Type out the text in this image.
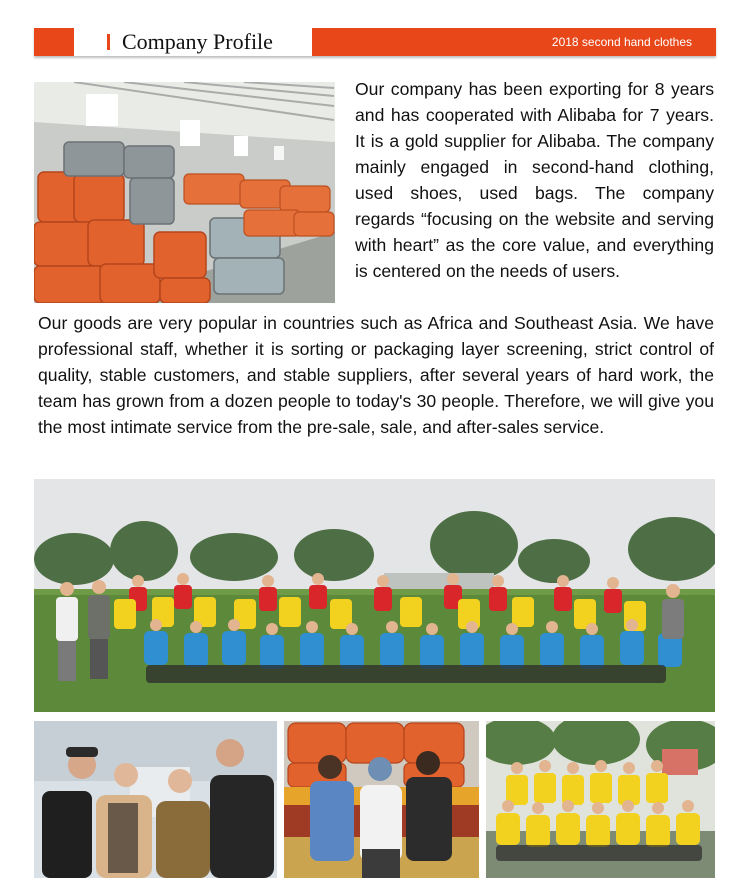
Company Profile	2018 second hand clothes
Our company has been exporting for 8 years and has cooperated with Alibaba for 7 years. It is a gold supplier for Alibaba. The company mainly engaged in second-hand clothing, used shoes, used bags. The company regards “focusing on the website and serving with heart” as the core value, and everything is centered on the needs of users.
Our goods are very popular in countries such as Africa and Southeast Asia. We have professional staff, whether it is sorting or packaging layer screening, strict control of quality, stable customers, and stable suppliers, after several years of hard work, the team has grown from a dozen people to today's 30 people. Therefore, we will give you the most intimate service from the pre-sale, sale, and after-sales service.
